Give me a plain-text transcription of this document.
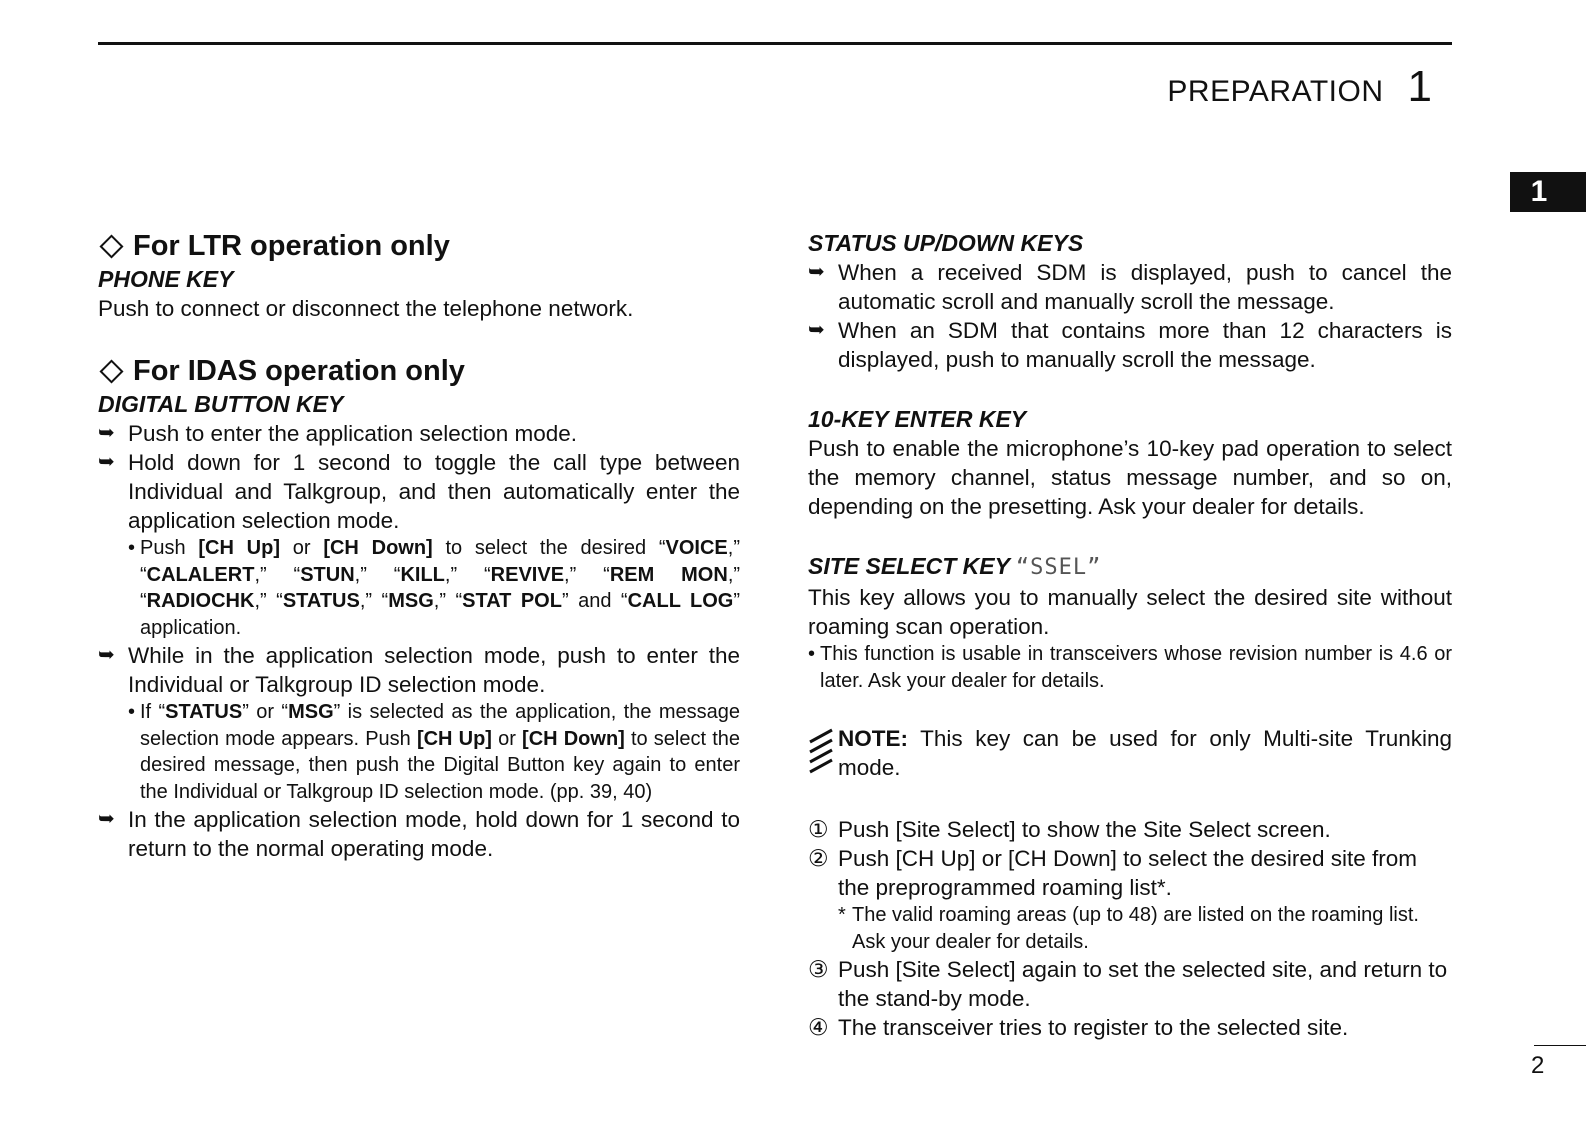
PREPARATION 1
1
For LTR operation only
PHONE KEY
Push to connect or disconnect the telephone network.
For IDAS operation only
DIGITAL BUTTON KEY
➥ Push to enter the application selection mode.
➥ Hold down for 1 second to toggle the call type between Individual and Talkgroup, and then automatically enter the application selection mode.
• Push [CH Up] or [CH Down] to select the desired “VOICE,” “CALALERT,” “STUN,” “KILL,” “REVIVE,” “REM MON,” “RADIOCHK,” “STATUS,” “MSG,” “STAT POL” and “CALL LOG” application.
➥ While in the application selection mode, push to enter the Individual or Talkgroup ID selection mode.
• If “STATUS” or “MSG” is selected as the application, the message selection mode appears. Push [CH Up] or [CH Down] to select the desired message, then push the Digital Button key again to enter the Individual or Talkgroup ID selection mode. (pp. 39, 40)
➥ In the application selection mode, hold down for 1 second to return to the normal operating mode.
STATUS UP/DOWN KEYS
➥ When a received SDM is displayed, push to cancel the automatic scroll and manually scroll the message.
➥ When an SDM that contains more than 12 characters is displayed, push to manually scroll the message.
10-KEY ENTER KEY
Push to enable the microphone’s 10-key pad operation to select the memory channel, status message number, and so on, depending on the presetting. Ask your dealer for details.
SITE SELECT KEY “SSEL”
This key allows you to manually select the desired site without roaming scan operation.
• This function is usable in transceivers whose revision number is 4.6 or later. Ask your dealer for details.
NOTE: This key can be used for only Multi-site Trunking mode.
① Push [Site Select] to show the Site Select screen.
② Push [CH Up] or [CH Down] to select the desired site from the preprogrammed roaming list*.
* The valid roaming areas (up to 48) are listed on the roaming list. Ask your dealer for details.
③ Push [Site Select] again to set the selected site, and return to the stand-by mode.
④ The transceiver tries to register to the selected site.
2
